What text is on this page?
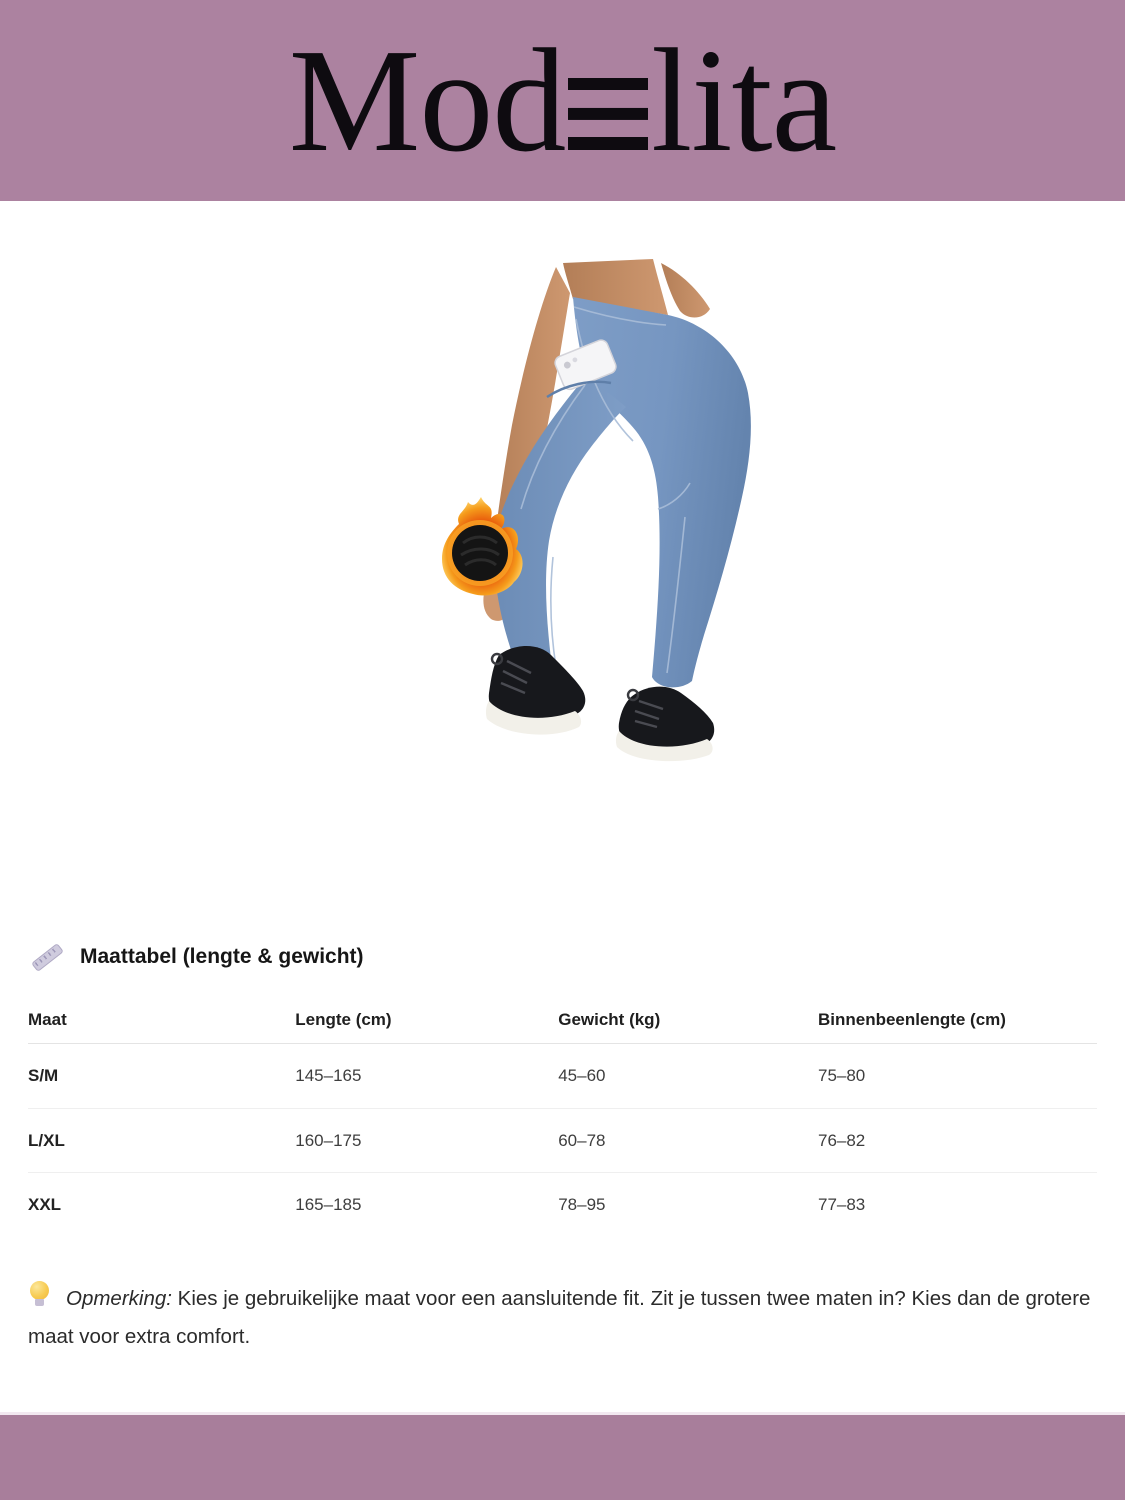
Mod lita
Maattabel (lengte & gewicht)
Maat	Lengte (cm)	Gewicht (kg)	Binnenbeenlengte (cm)
S/M	145–165	45–60	75–80
L/XL	160–175	60–78	76–82
XXL	165–185	78–95	77–83

Opmerking: Kies je gebruikelijke maat voor een aansluitende fit. Zit je tussen twee maten in? Kies dan de grotere maat voor extra comfort.
